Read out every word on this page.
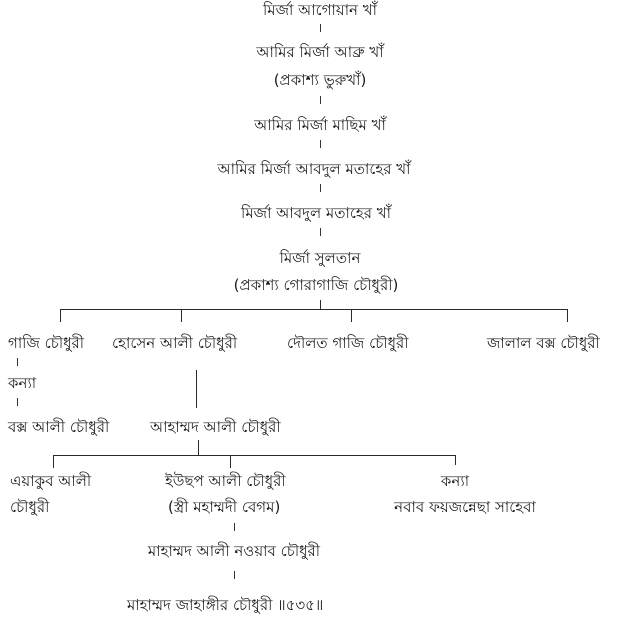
মির্জা আগোয়ান খাঁ
আমির মির্জা আব্রু খাঁ
(প্রকাশ্য ভুরুখাঁ)
আমির মির্জা মাছিম খাঁ
আমির মির্জা আবদুল মতাহের খাঁ
মির্জা আবদুল মতাহের খাঁ
মির্জা সুলতান
(প্রকাশ্য গোরাগাজি চৌধুরী)
গাজি চৌধুরী হোসেন আলী চৌধুরী	দৌলত গাজি চৌধুরী	জালাল বক্স চৌধুরী
কন্যা
বক্স আলী চৌধুরী	আহাম্মদ আলী চৌধুরী
এয়াকুব আলী
চৌধুরী
ইউছপ আলী চৌধুরী
(স্ত্রী মহাম্মদী বেগম)
কন্যা
নবাব ফয়জন্নেছা সাহেবা
মাহাম্মদ আলী নওয়াব চৌধুরী
মাহাম্মদ জাহাঙ্গীর চৌধুরী ॥৫৩৫॥
